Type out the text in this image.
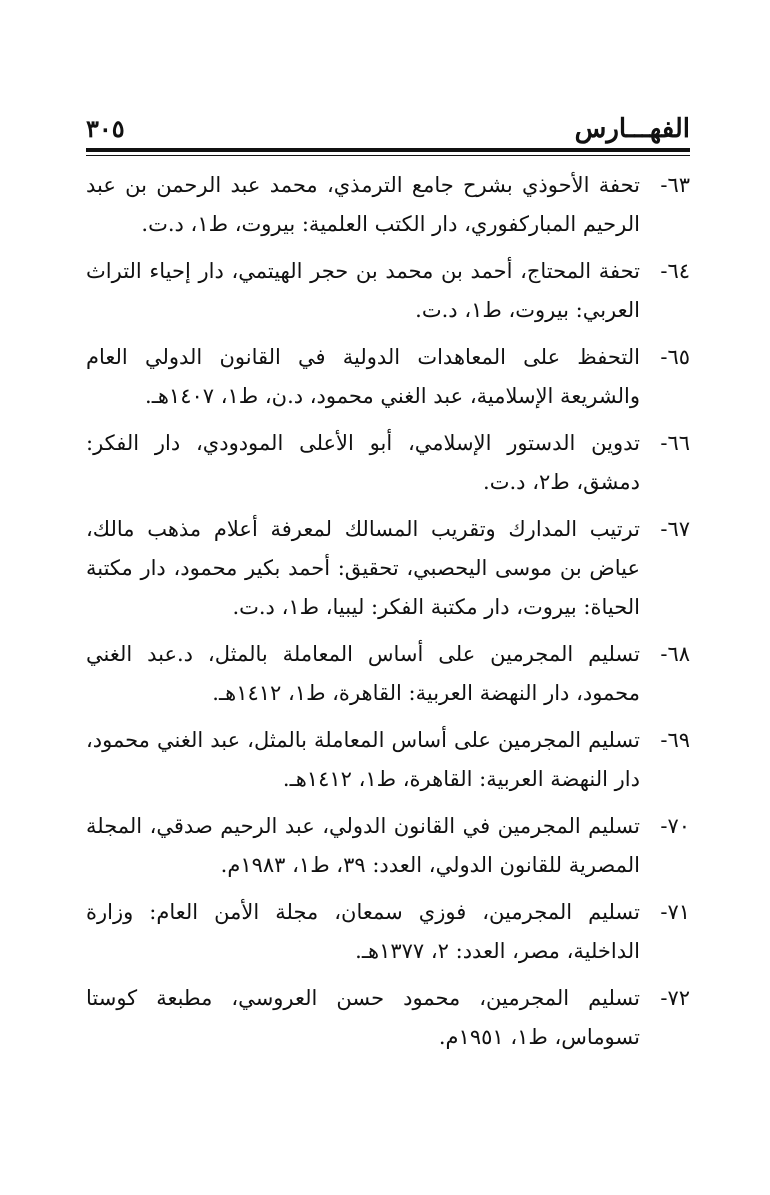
الفهـــارس
٣٠٥
٦٣-
تحفة الأحوذي بشرح جامع الترمذي، محمد عبد الرحمن بن عبد الرحيم المباركفوري، دار الكتب العلمية: بيروت، ط١، د.ت.
٦٤-
تحفة المحتاج، أحمد بن محمد بن حجر الهيتمي، دار إحياء التراث العربي: بيروت، ط١، د.ت.
٦٥-
التحفظ على المعاهدات الدولية في القانون الدولي العام والشريعة الإسلامية، عبد الغني محمود، د.ن، ط١، ١٤٠٧هـ.
٦٦-
تدوين الدستور الإسلامي، أبو الأعلى المودودي، دار الفكر: دمشق، ط٢، د.ت.
٦٧-
ترتيب المدارك وتقريب المسالك لمعرفة أعلام مذهب مالك، عياض بن موسى اليحصبي، تحقيق: أحمد بكير محمود، دار مكتبة الحياة: بيروت، دار مكتبة الفكر: ليبيا، ط١، د.ت.
٦٨-
تسليم المجرمين على أساس المعاملة بالمثل، د.عبد الغني محمود، دار النهضة العربية: القاهرة، ط١، ١٤١٢هـ.
٦٩-
تسليم المجرمين على أساس المعاملة بالمثل، عبد الغني محمود، دار النهضة العربية: القاهرة، ط١، ١٤١٢هـ.
٧٠-
تسليم المجرمين في القانون الدولي، عبد الرحيم صدقي، المجلة المصرية للقانون الدولي، العدد: ٣٩، ط١، ١٩٨٣م.
٧١-
تسليم المجرمين، فوزي سمعان، مجلة الأمن العام: وزارة الداخلية، مصر، العدد: ٢، ١٣٧٧هـ.
٧٢-
تسليم المجرمين، محمود حسن العروسي، مطبعة كوستا تسوماس، ط١، ١٩٥١م.
